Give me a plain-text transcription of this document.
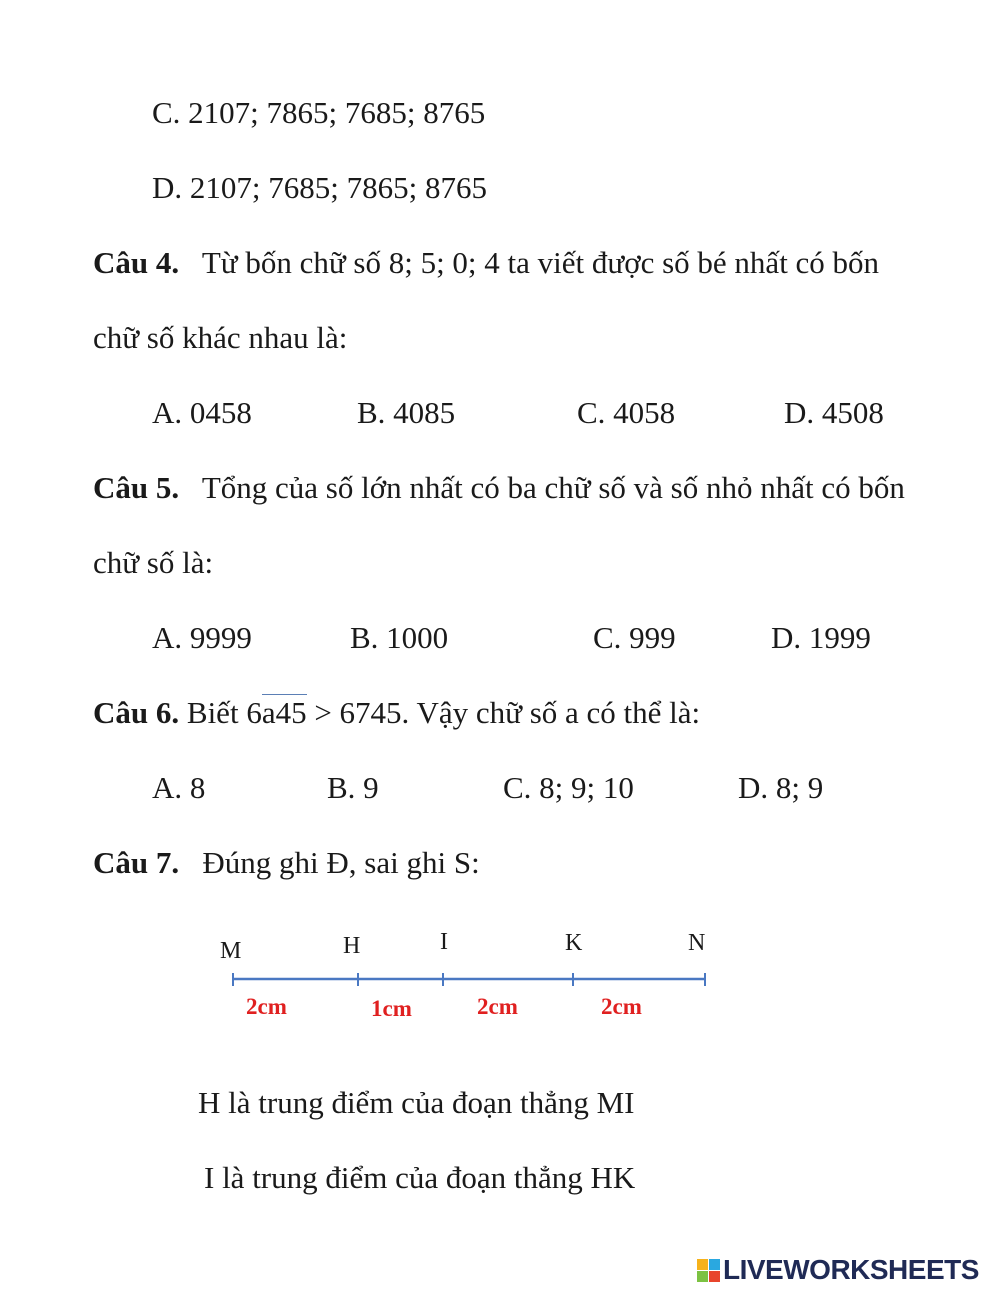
C. 2107; 7865; 7685; 8765
D. 2107; 7685; 7865; 8765
Câu 4. Từ bốn chữ số 8; 5; 0; 4 ta viết được số bé nhất có bốn
chữ số khác nhau là:
A. 0458	B. 4085	C. 4058	D. 4508
Câu 5. Tổng của số lớn nhất có ba chữ số và số nhỏ nhất có bốn
chữ số là:
A. 9999	B. 1000	C. 999	D. 1999
Câu 6. Biết 6a45 > 6745. Vậy chữ số a có thể là:
A. 8	B. 9	C. 8; 9; 10	D. 8; 9
Câu 7. Đúng ghi Đ, sai ghi S:
M	H	I	K	N
2cm	1cm	2cm	2cm
H là trung điểm của đoạn thẳng MI
I là trung điểm của đoạn thẳng HK
LIVEWORKSHEETS
